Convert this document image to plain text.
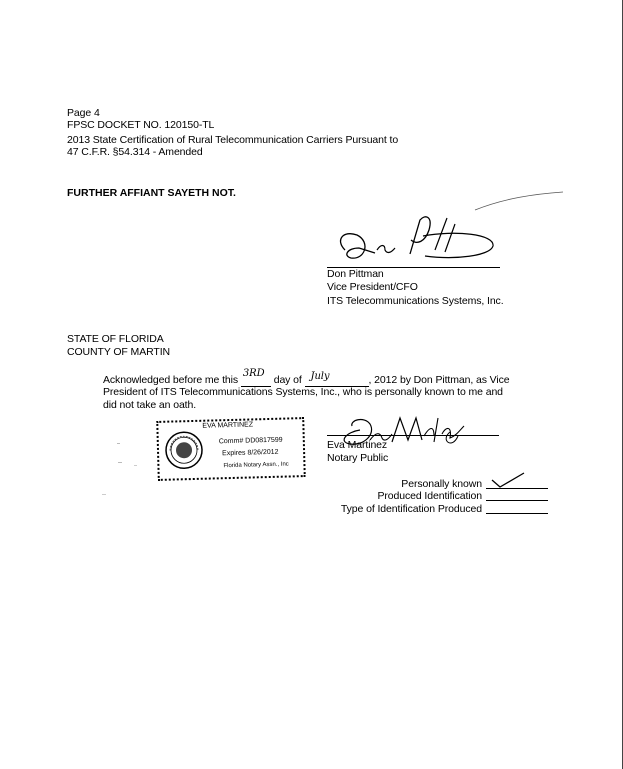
Page 4
FPSC DOCKET NO. 120150-TL
2013 State Certification of Rural Telecommunication Carriers Pursuant to
47 C.F.R. §54.314 - Amended
FURTHER AFFIANT SAYETH NOT.
Don Pittman
Vice President/CFO
ITS Telecommunications Systems, Inc.
STATE OF FLORIDA
COUNTY OF MARTIN
Acknowledged before me this
3RD
day of July	, 2012 by Don Pittman, as Vice
President of ITS Telecommunications Systems, Inc., who is personally known to me and
did not take an oath.
EVA MARTINEZ
Comm# DD0817599
Expires 8/26/2012
Florida Notary Assn., Inc
Eva Martinez
Notary Public
Personally known
Produced Identification
Type of Identification Produced
